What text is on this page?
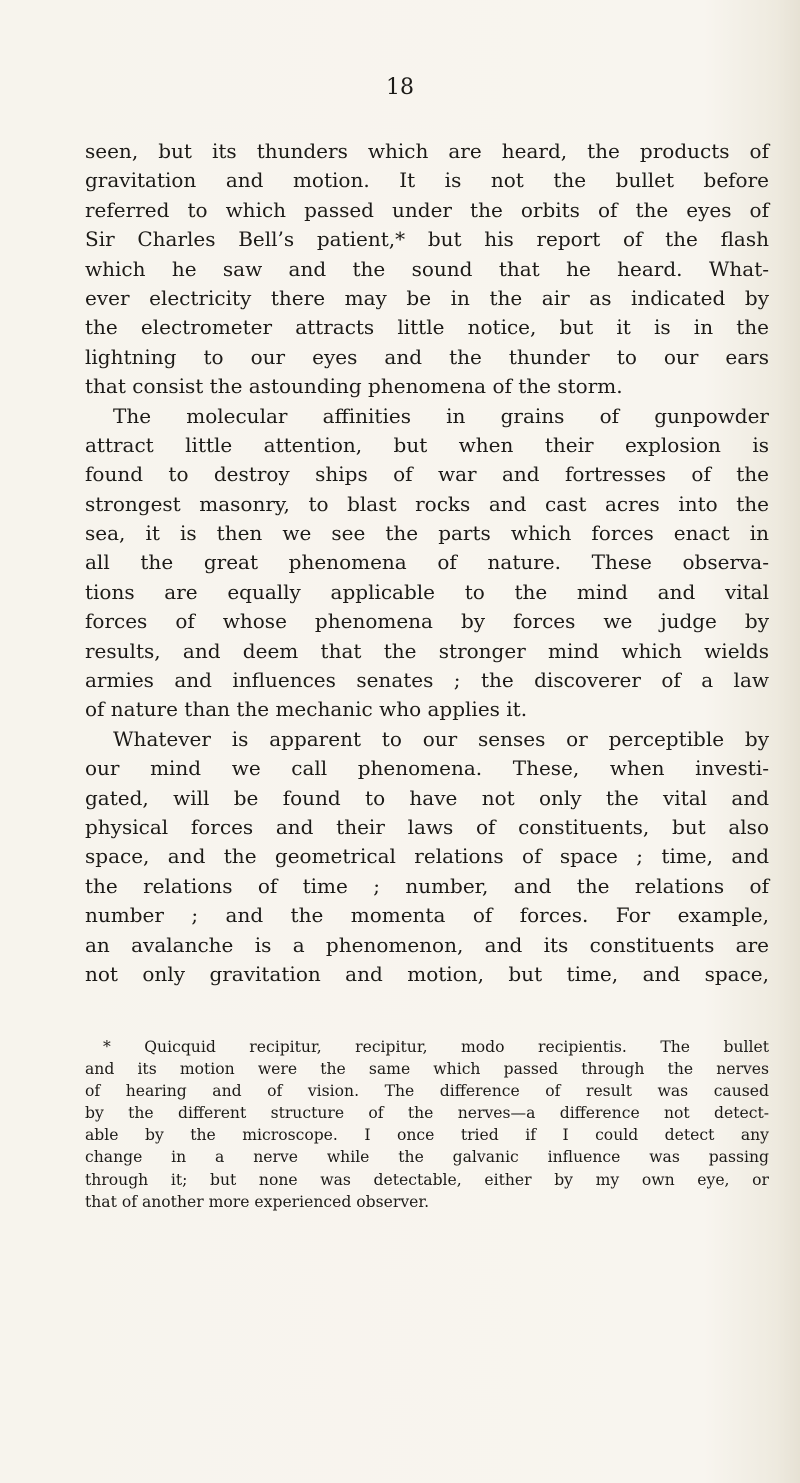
18
seen, but its thunders which are heard, the products of
gravitation and motion. It is not the bullet before
referred to which passed under the orbits of the eyes of
Sir Charles Bell’s patient,* but his report of the flash
which he saw and the sound that he heard. What-
ever electricity there may be in the air as indicated by
the electrometer attracts little notice, but it is in the
lightning to our eyes and the thunder to our ears
that consist the astounding phenomena of the storm.
The molecular affinities in grains of gunpowder
attract little attention, but when their explosion is
found to destroy ships of war and fortresses of the
strongest masonry, to blast rocks and cast acres into the
sea, it is then we see the parts which forces enact in
all the great phenomena of nature. These observa-
tions are equally applicable to the mind and vital
forces of whose phenomena by forces we judge by
results, and deem that the stronger mind which wields
armies and influences senates ; the discoverer of a law
of nature than the mechanic who applies it.
Whatever is apparent to our senses or perceptible by
our mind we call phenomena. These, when investi-
gated, will be found to have not only the vital and
physical forces and their laws of constituents, but also
space, and the geometrical relations of space ; time, and
the relations of time ; number, and the relations of
number ; and the momenta of forces. For example,
an avalanche is a phenomenon, and its constituents are
not only gravitation and motion, but time, and space,
* Quicquid recipitur, recipitur, modo recipientis. The bullet
and its motion were the same which passed through the nerves
of hearing and of vision. The difference of result was caused
by the different structure of the nerves—a difference not detect-
able by the microscope. I once tried if I could detect any
change in a nerve while the galvanic influence was passing
through it; but none was detectable, either by my own eye, or
that of another more experienced observer.
